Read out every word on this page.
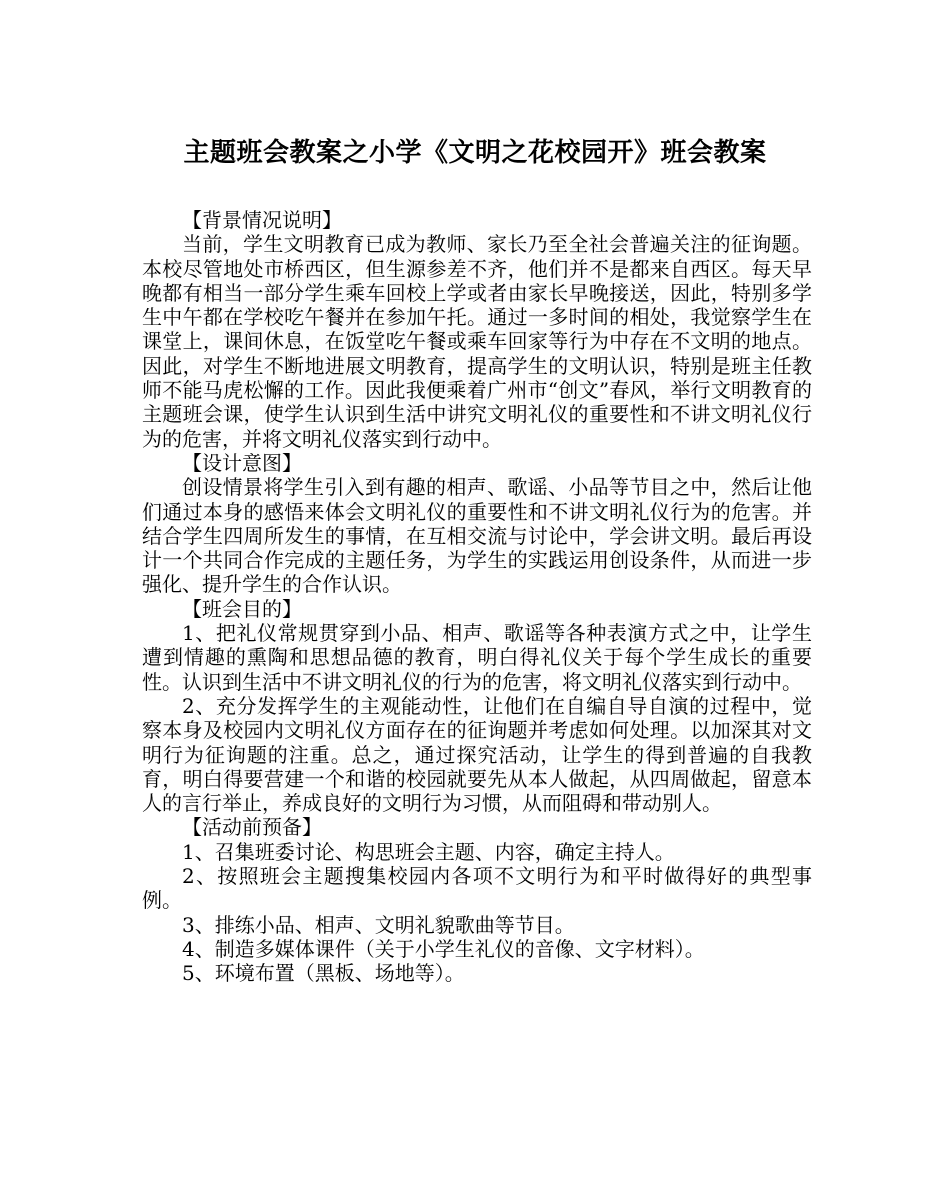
主题班会教案之小学《文明之花校园开》班会教案

【背景情况说明】

当前，学生文明教育已成为教师、家长乃至全社会普遍关注的征询题。本校尽管地处市桥西区，但生源参差不齐，他们并不是都来自西区。每天早晚都有相当一部分学生乘车回校上学或者由家长早晚接送，因此，特别多学生中午都在学校吃午餐并在参加午托。通过一多时间的相处，我觉察学生在课堂上，课间休息，在饭堂吃午餐或乘车回家等行为中存在不文明的地点。因此，对学生不断地进展文明教育，提高学生的文明认识，特别是班主任教师不能马虎松懈的工作。因此我便乘着广州市“创文”春风，举行文明教育的主题班会课，使学生认识到生活中讲究文明礼仪的重要性和不讲文明礼仪行为的危害，并将文明礼仪落实到行动中。

【设计意图】

创设情景将学生引入到有趣的相声、歌谣、小品等节目之中，然后让他们通过本身的感悟来体会文明礼仪的重要性和不讲文明礼仪行为的危害。并结合学生四周所发生的事情，在互相交流与讨论中，学会讲文明。最后再设计一个共同合作完成的主题任务，为学生的实践运用创设条件，从而进一步强化、提升学生的合作认识。

【班会目的】

1、把礼仪常规贯穿到小品、相声、歌谣等各种表演方式之中，让学生遭到情趣的熏陶和思想品德的教育，明白得礼仪关于每个学生成长的重要性。认识到生活中不讲文明礼仪的行为的危害，将文明礼仪落实到行动中。

2、充分发挥学生的主观能动性，让他们在自编自导自演的过程中，觉察本身及校园内文明礼仪方面存在的征询题并考虑如何处理。以加深其对文明行为征询题的注重。总之，通过探究活动，让学生的得到普遍的自我教育，明白得要营建一个和谐的校园就要先从本人做起，从四周做起，留意本人的言行举止，养成良好的文明行为习惯，从而阻碍和带动别人。

【活动前预备】

1、召集班委讨论、构思班会主题、内容，确定主持人。

2、按照班会主题搜集校园内各项不文明行为和平时做得好的典型事例。

3、排练小品、相声、文明礼貌歌曲等节目。

4、制造多媒体课件（关于小学生礼仪的音像、文字材料）。

5、环境布置（黑板、场地等）。
